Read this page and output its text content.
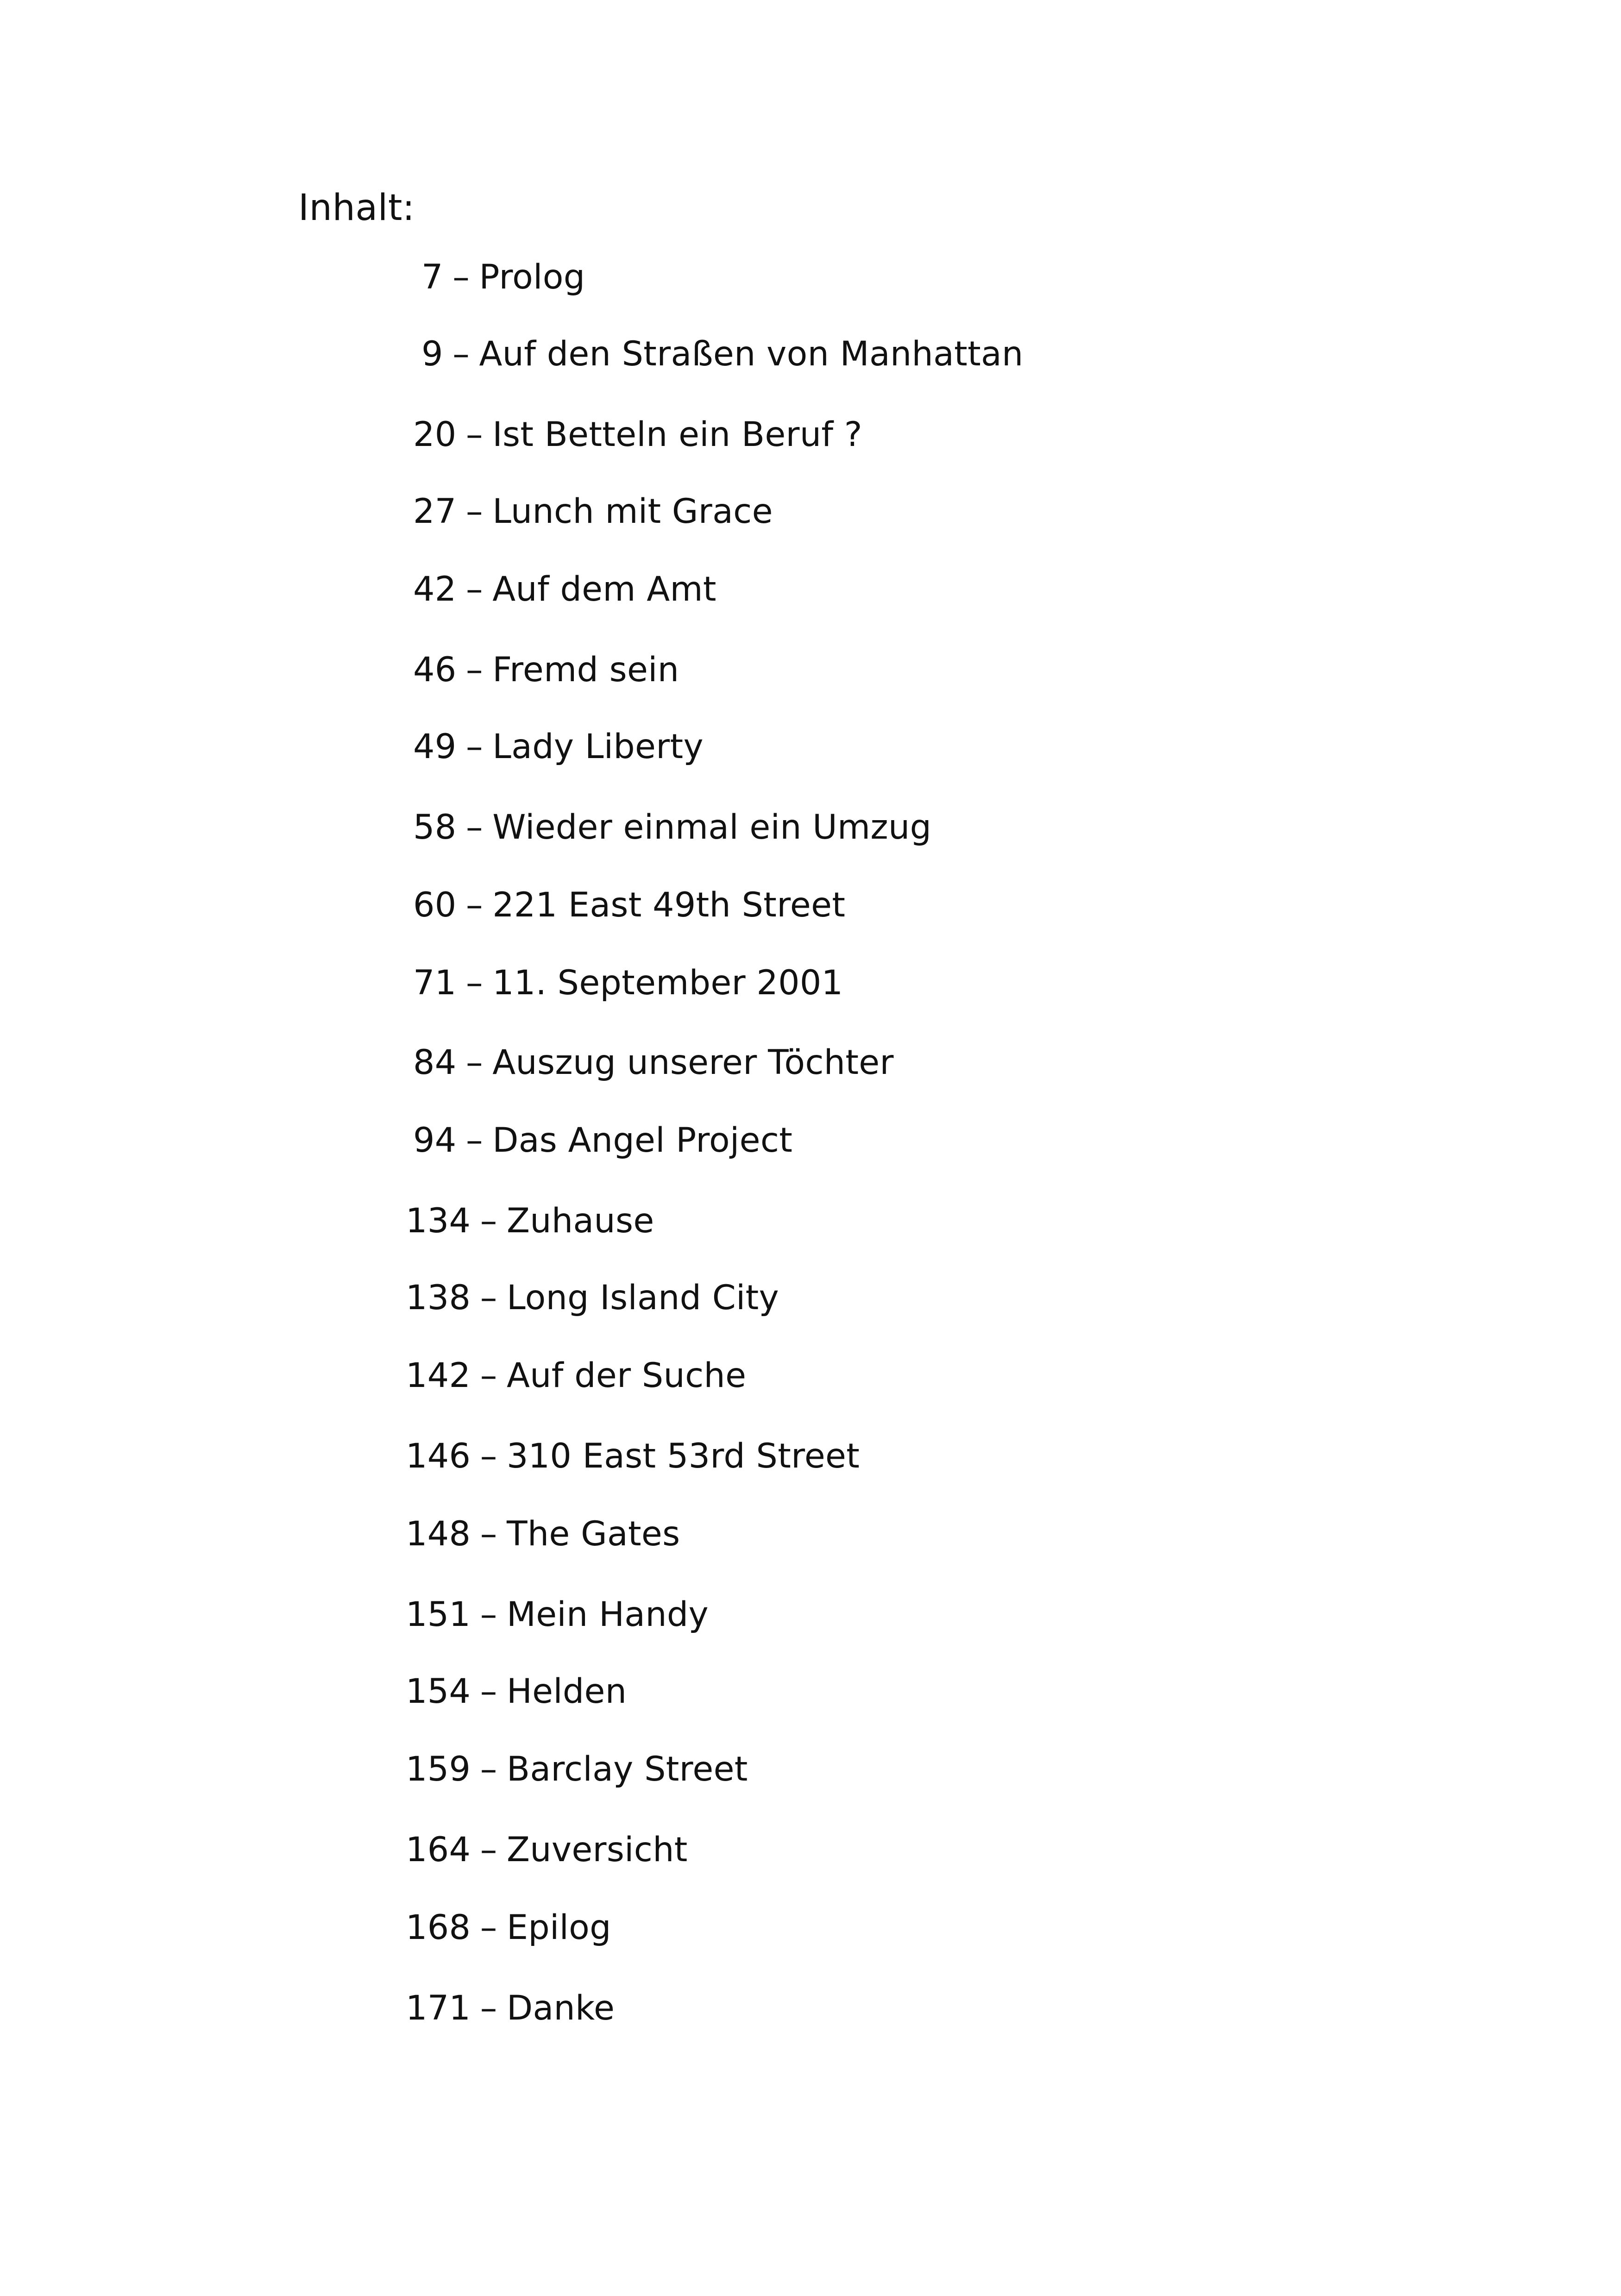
Inhalt:
7 – Prolog
9 – Auf den Straßen von Manhattan
20 – Ist Betteln ein Beruf ?
27 – Lunch mit Grace
42 – Auf dem Amt
46 – Fremd sein
49 – Lady Liberty
58 – Wieder einmal ein Umzug
60 – 221 East 49th Street
71 – 11. September 2001
84 – Auszug unserer Töchter
94 – Das Angel Project
134 – Zuhause
138 – Long Island City
142 – Auf der Suche
146 – 310 East 53rd Street
148 – The Gates
151 – Mein Handy
154 – Helden
159 – Barclay Street
164 – Zuversicht
168 – Epilog
171 – Danke
